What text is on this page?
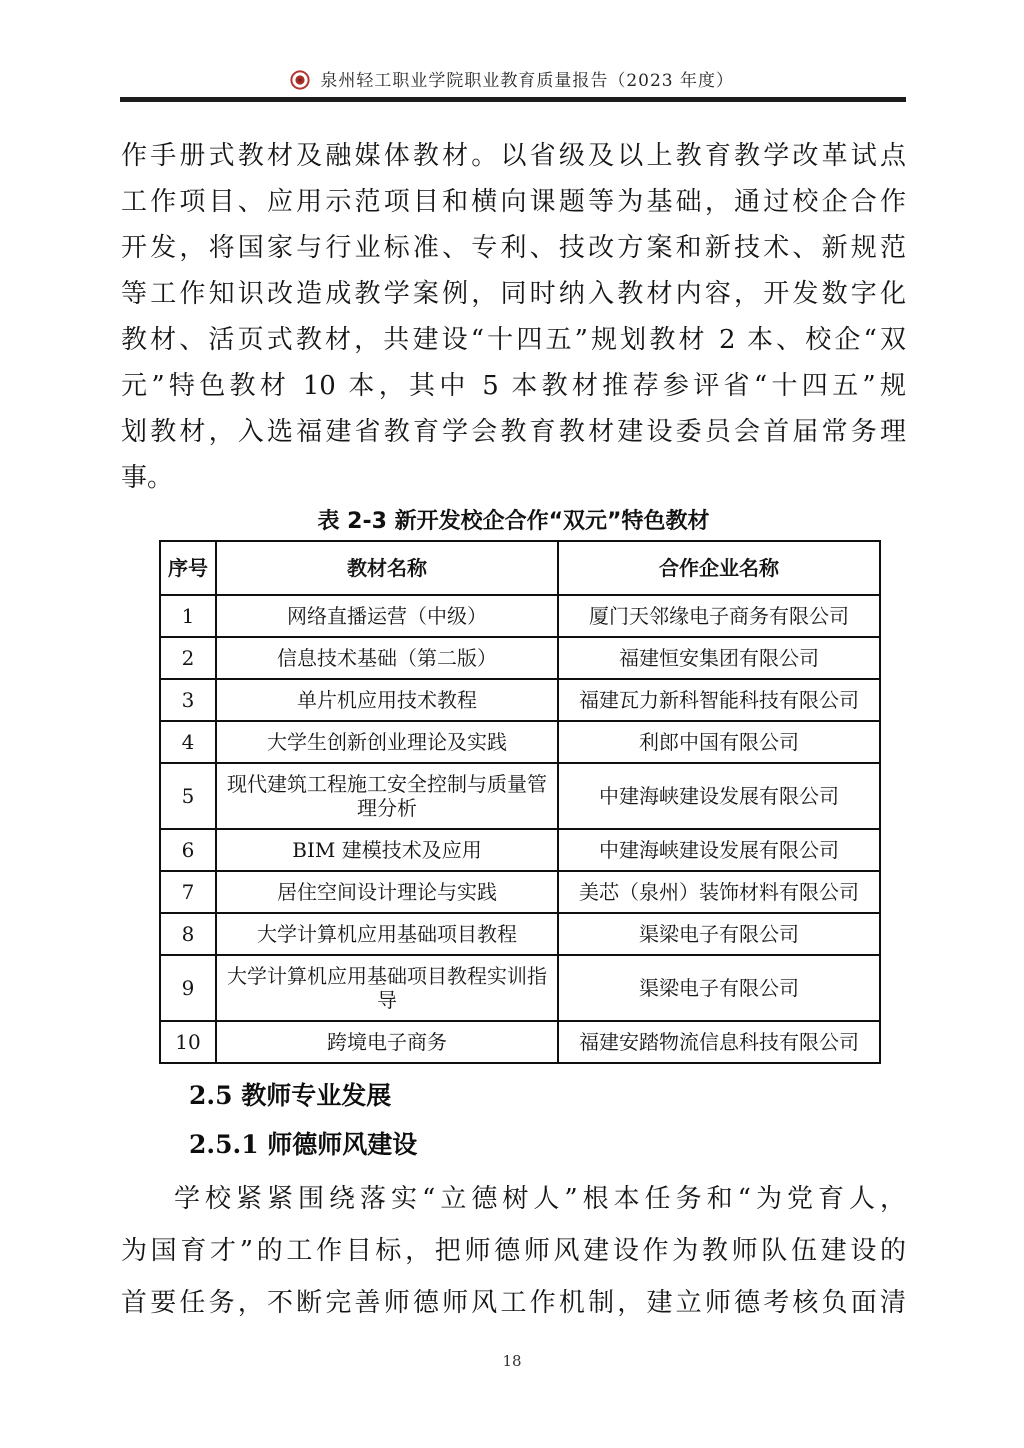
泉州轻工职业学院职业教育质量报告（2023 年度）
作手册式教材及融媒体教材。以省级及以上教育教学改革试点
工作项目、应用示范项目和横向课题等为基础，通过校企合作
开发，将国家与行业标准、专利、技改方案和新技术、新规范
等工作知识改造成教学案例，同时纳入教材内容，开发数字化
教材、活页式教材，共建设“十四五”规划教材 2 本、校企“双
元”特色教材 10 本，其中 5 本教材推荐参评省“十四五”规
划教材，入选福建省教育学会教育教材建设委员会首届常务理
事。
表 2-3 新开发校企合作“双元”特色教材
序号	教材名称	合作企业名称
1	网络直播运营（中级）	厦门天邻缘电子商务有限公司
2	信息技术基础（第二版）	福建恒安集团有限公司
3	单片机应用技术教程	福建瓦力新科智能科技有限公司
4	大学生创新创业理论及实践	利郎中国有限公司
5	现代建筑工程施工安全控制与质量管理分析	中建海峡建设发展有限公司
6	BIM 建模技术及应用	中建海峡建设发展有限公司
7	居住空间设计理论与实践	美芯（泉州）装饰材料有限公司
8	大学计算机应用基础项目教程	渠梁电子有限公司
9	大学计算机应用基础项目教程实训指导	渠梁电子有限公司
10	跨境电子商务	福建安踏物流信息科技有限公司
2.5 教师专业发展
2.5.1 师德师风建设
学校紧紧围绕落实“立德树人”根本任务和“为党育人，
为国育才”的工作目标，把师德师风建设作为教师队伍建设的
首要任务，不断完善师德师风工作机制，建立师德考核负面清
18
